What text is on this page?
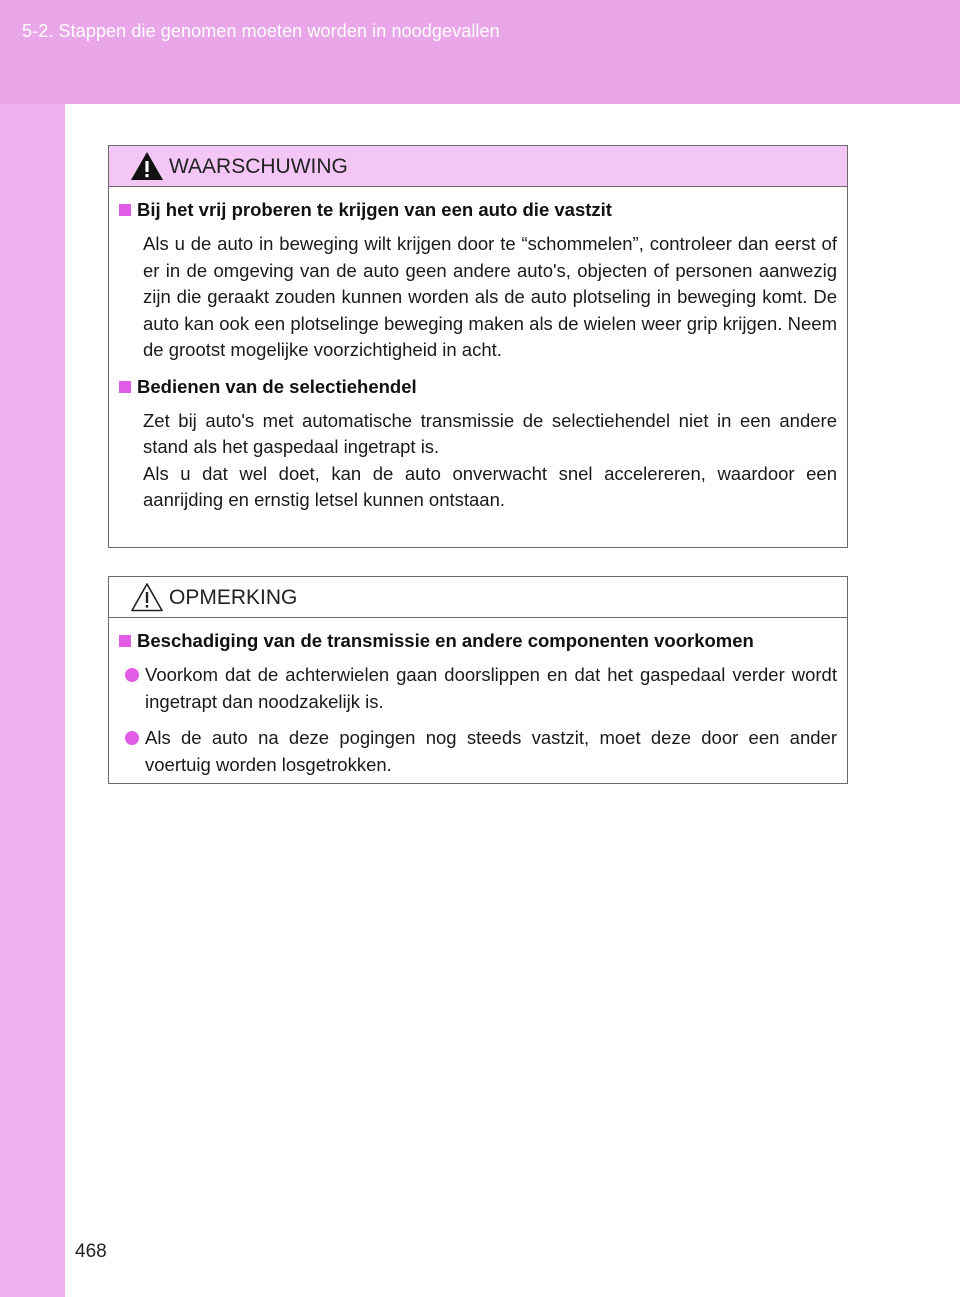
5-2. Stappen die genomen moeten worden in noodgevallen
WAARSCHUWING
Bij het vrij proberen te krijgen van een auto die vastzit
Als u de auto in beweging wilt krijgen door te “schommelen”, controleer dan eerst of er in de omgeving van de auto geen andere auto's, objecten of personen aanwezig zijn die geraakt zouden kunnen worden als de auto plotseling in beweging komt. De auto kan ook een plotselinge beweging maken als de wielen weer grip krijgen. Neem de grootst mogelijke voorzichtigheid in acht.
Bedienen van de selectiehendel
Zet bij auto's met automatische transmissie de selectiehendel niet in een andere stand als het gaspedaal ingetrapt is.
Als u dat wel doet, kan de auto onverwacht snel accelereren, waardoor een aanrijding en ernstig letsel kunnen ontstaan.
OPMERKING
Beschadiging van de transmissie en andere componenten voorkomen
Voorkom dat de achterwielen gaan doorslippen en dat het gaspedaal verder wordt ingetrapt dan noodzakelijk is.
Als de auto na deze pogingen nog steeds vastzit, moet deze door een ander voertuig worden losgetrokken.
468
